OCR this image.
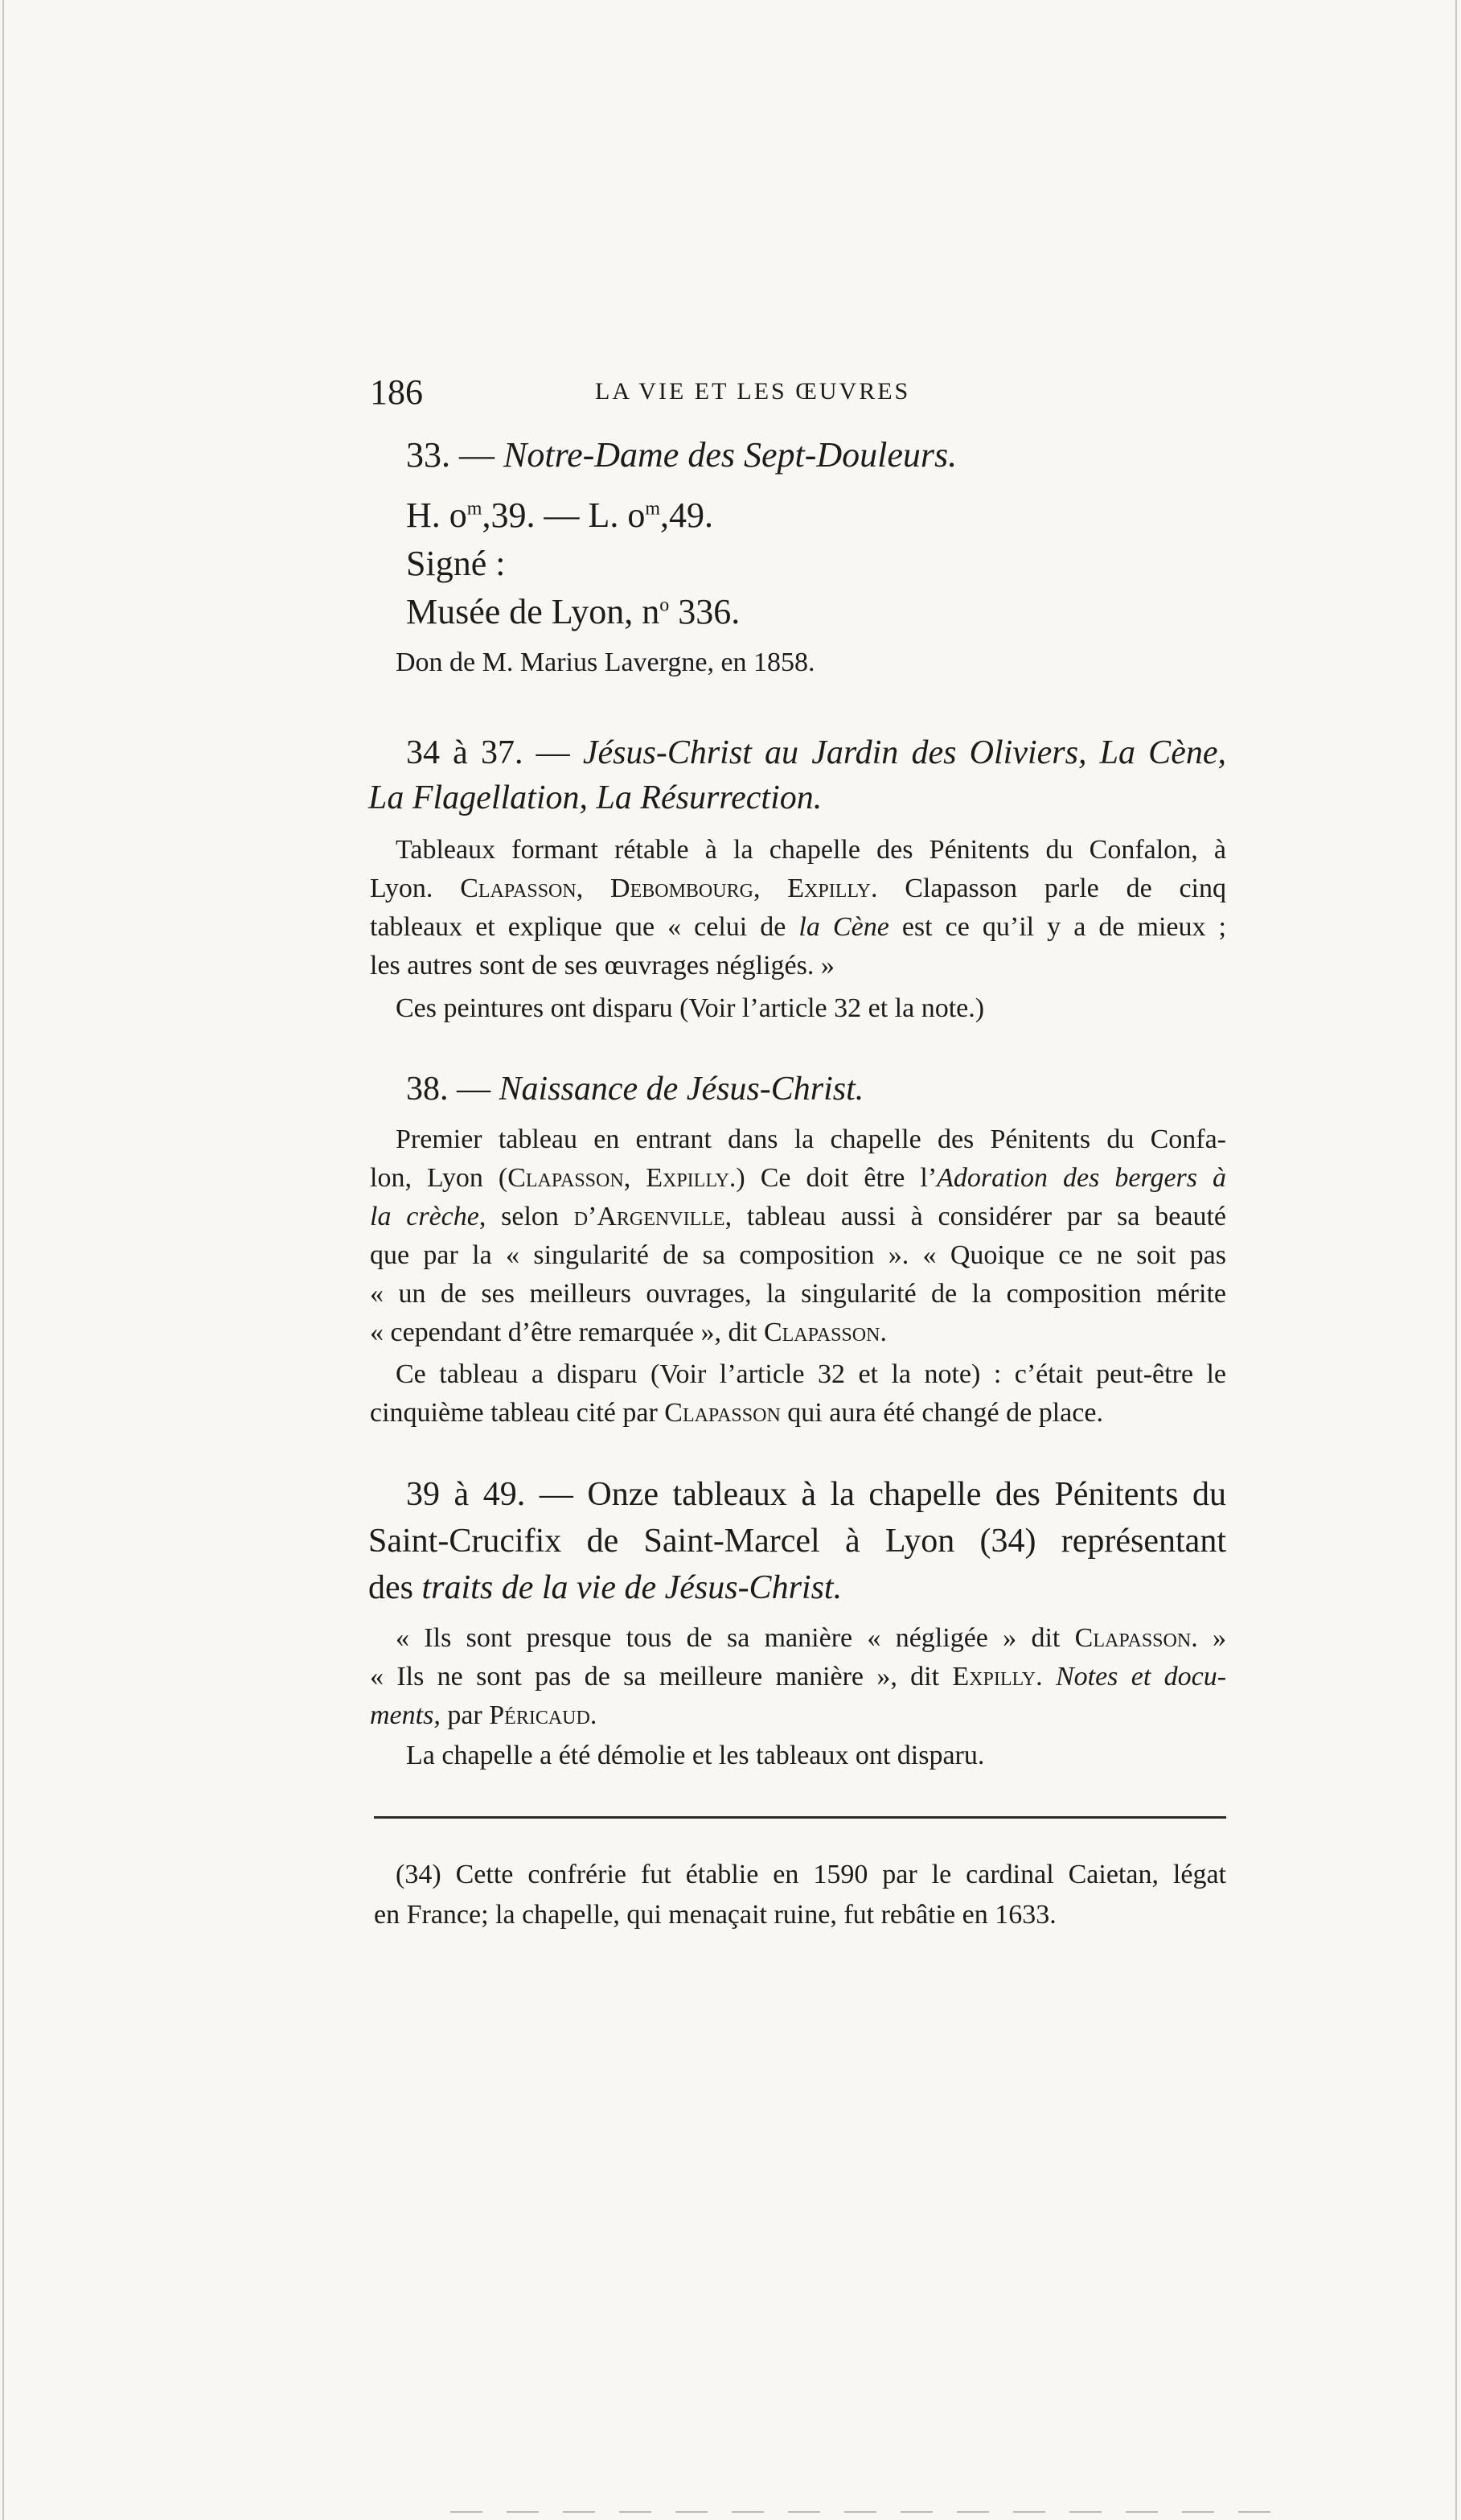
186	LA VIE ET LES ŒUVRES
33. — Notre-Dame des Sept-Douleurs.
H. $o^m,39$. — L. $o^m,49$.
Signé :
Musée de Lyon, $n^o$ 336.
Don de M. Marius Lavergne, en 1858.
34 à 37. — Jésus-Christ au Jardin des Oliviers, La Cène,
La Flagellation, La Résurrection.
Tableaux formant rétable à la chapelle des Pénitents du Confalon, à
Lyon. Clapasson, Debombourg, Expilly. Clapasson parle de cinq
tableaux et explique que « celui de la Cène est ce qu’il y a de mieux ;
les autres sont de ses œuvrages négligés. »
Ces peintures ont disparu (Voir l’article 32 et la note.)
38. — Naissance de Jésus-Christ.
Premier tableau en entrant dans la chapelle des Pénitents du Confa-
lon, Lyon (Clapasson, Expilly.) Ce doit être l’Adoration des bergers à
la crèche, selon d’Argenville, tableau aussi à considérer par sa beauté
que par la « singularité de sa composition ». « Quoique ce ne soit pas
« un de ses meilleurs ouvrages, la singularité de la composition mérite
« cependant d’être remarquée », dit Clapasson.
Ce tableau a disparu (Voir l’article 32 et la note) : c’était peut-être le
cinquième tableau cité par Clapasson qui aura été changé de place.
39 à 49. — Onze tableaux à la chapelle des Pénitents du
Saint-Crucifix de Saint-Marcel à Lyon (34) représentant
des traits de la vie de Jésus-Christ.
« Ils sont presque tous de sa manière « négligée » dit Clapasson. »
« Ils ne sont pas de sa meilleure manière », dit Expilly. Notes et docu-
ments, par Péricaud.
La chapelle a été démolie et les tableaux ont disparu.
(34) Cette confrérie fut établie en 1590 par le cardinal Caietan, légat
en France; la chapelle, qui menaçait ruine, fut rebâtie en 1633.
